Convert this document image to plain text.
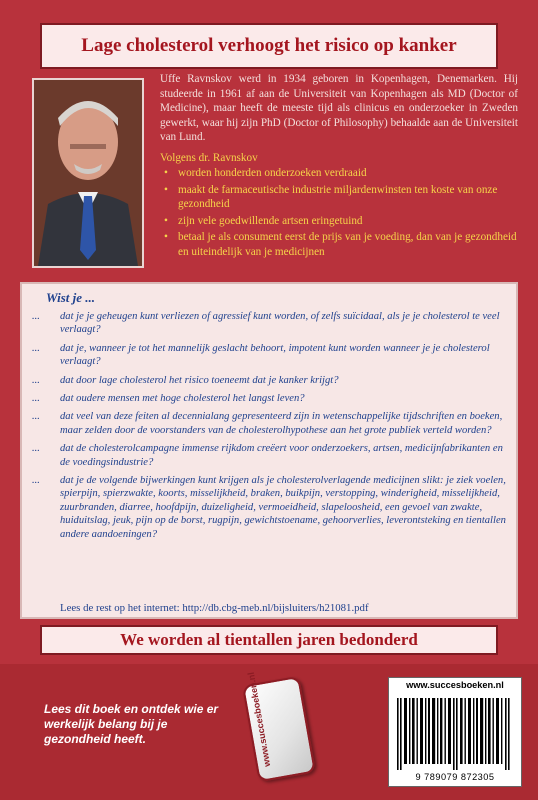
Lage cholesterol verhoogt het risico op kanker
Uffe Ravnskov werd in 1934 geboren in Kopenhagen, Denemarken. Hij studeerde in 1961 af aan de Universiteit van Kopenhagen als MD (Doctor of Medicine), maar heeft de meeste tijd als clinicus en onderzoeker in Zweden gewerkt, waar hij zijn PhD (Doctor of Philosophy) behaalde aan de Universiteit van Lund.
Volgens dr. Ravnskov
• worden honderden onderzoeken verdraaid
• maakt de farmaceutische industrie miljardenwinsten ten koste van onze gezondheid
• zijn vele goedwillende artsen eringetuind
• betaal je als consument eerst de prijs van je voeding, dan van je gezondheid en uiteindelijk van je medicijnen
Wist je ...
... dat je je geheugen kunt verliezen of agressief kunt worden, of zelfs suïcidaal, als je je cholesterol te veel verlaagt?
... dat je, wanneer je tot het mannelijk geslacht behoort, impotent kunt worden wanneer je je cholesterol verlaagt?
... dat door lage cholesterol het risico toeneemt dat je kanker krijgt?
... dat oudere mensen met hoge cholesterol het langst leven?
... dat veel van deze feiten al decennialang gepresenteerd zijn in wetenschappelijke tijdschriften en boeken, maar zelden door de voorstanders van de cholesterolhypothese aan het grote publiek verteld worden?
... dat de cholesterolcampagne immense rijkdom creëert voor onderzoekers, artsen, medicijnfabrikanten en de voedingsindustrie?
... dat je de volgende bijwerkingen kunt krijgen als je cholesterolverlagende medicijnen slikt: je ziek voelen, spierpijn, spierzwakte, koorts, misselijkheid, braken, buikpijn, verstopping, winderigheid, misselijkheid, zuurbranden, diarree, hoofdpijn, duizeligheid, vermoeidheid, slapeloosheid, een gevoel van zwakte, huiduitslag, jeuk, pijn op de borst, rugpijn, gewichtstoename, gehoorverlies, leverontsteking en tientallen andere aandoeningen?
Lees de rest op het internet: http://db.cbg-meb.nl/bijsluiters/h21081.pdf
We worden al tientallen jaren bedonderd
Lees dit boek en ontdek wie er werkelijk belang bij je gezondheid heeft.	www.succesboeken.nl	www.succesboeken.nl
9 789079 872305
